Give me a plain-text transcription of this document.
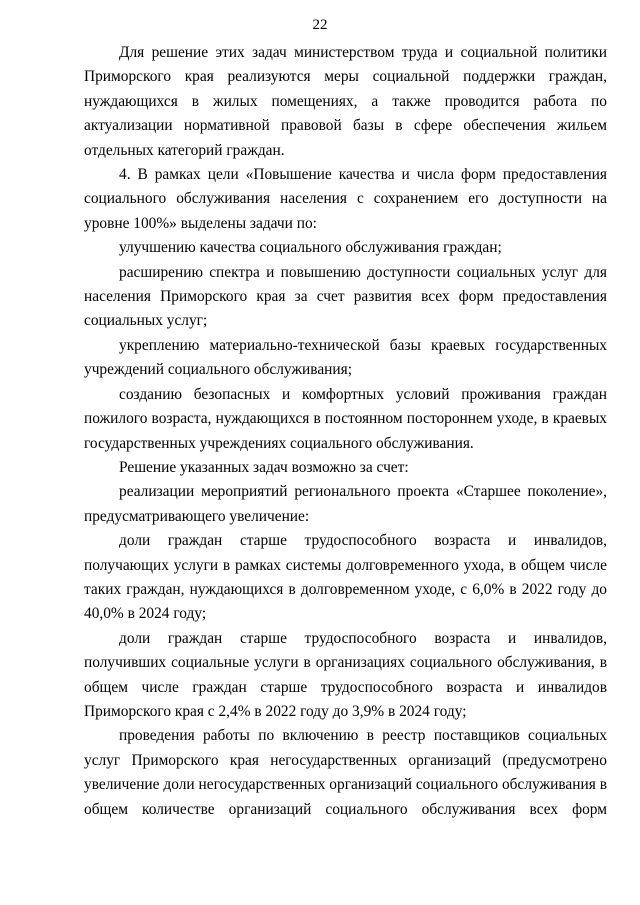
22

Для решение этих задач министерством труда и социальной политики Приморского края реализуются меры социальной поддержки граждан, нуждающихся в жилых помещениях, а также проводится работа по актуализации нормативной правовой базы в сфере обеспечения жильем отдельных категорий граждан.

4. В рамках цели «Повышение качества и числа форм предоставления социального обслуживания населения с сохранением его доступности на уровне 100%» выделены задачи по:

улучшению качества социального обслуживания граждан;

расширению спектра и повышению доступности социальных услуг для населения Приморского края за счет развития всех форм предоставления социальных услуг;

укреплению материально-технической базы краевых государственных учреждений социального обслуживания;

созданию безопасных и комфортных условий проживания граждан пожилого возраста, нуждающихся в постоянном постороннем уходе, в краевых государственных учреждениях социального обслуживания.

Решение указанных задач возможно за счет:

реализации мероприятий регионального проекта «Старшее поколение», предусматривающего увеличение:

доли граждан старше трудоспособного возраста и инвалидов, получающих услуги в рамках системы долговременного ухода, в общем числе таких граждан, нуждающихся в долговременном уходе, с 6,0% в 2022 году до 40,0% в 2024 году;

доли граждан старше трудоспособного возраста и инвалидов, получивших социальные услуги в организациях социального обслуживания, в общем числе граждан старше трудоспособного возраста и инвалидов Приморского края с 2,4% в 2022 году до 3,9% в 2024 году;

проведения работы по включению в реестр поставщиков социальных услуг Приморского края негосударственных организаций (предусмотрено увеличение доли негосударственных организаций социального обслуживания в общем количестве организаций социального обслуживания всех форм
